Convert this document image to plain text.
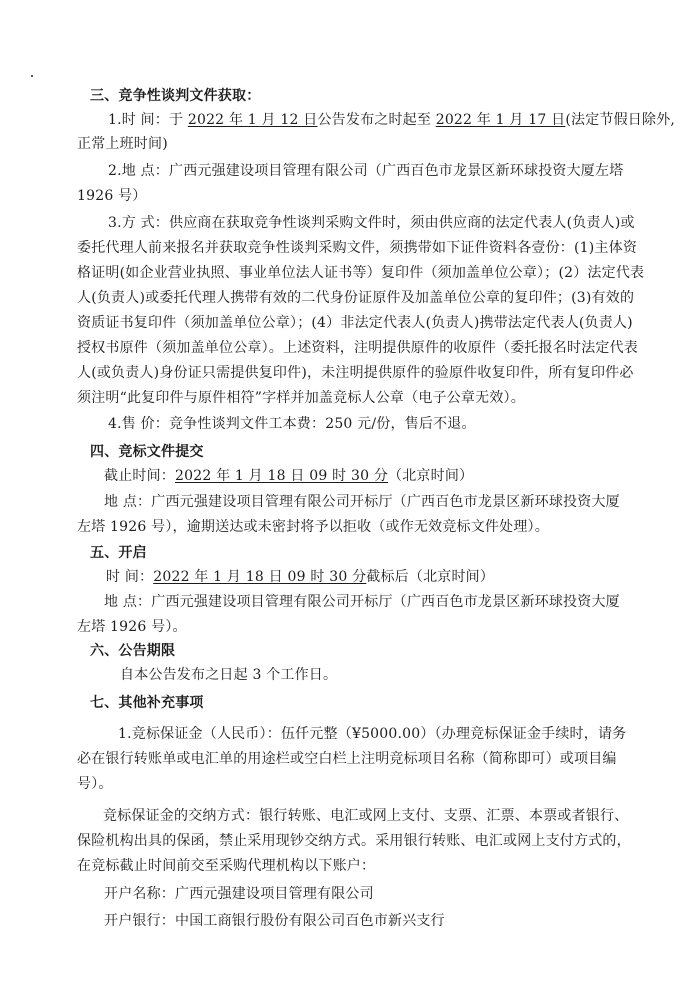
三、竞争性谈判文件获取：
1.时 间：于 2022 年 1 月 12 日公告发布之时起至 2022 年 1 月 17 日(法定节假日除外,
正常上班时间)
2.地 点：广西元强建设项目管理有限公司（广西百色市龙景区新环球投资大厦左塔
1926 号）
3.方 式：供应商在获取竞争性谈判采购文件时，须由供应商的法定代表人(负责人)或
委托代理人前来报名并获取竞争性谈判采购文件，须携带如下证件资料各壹份：(1)主体资
格证明(如企业营业执照、事业单位法人证书等）复印件（须加盖单位公章）；(2）法定代表
人(负责人)或委托代理人携带有效的二代身份证原件及加盖单位公章的复印件；(3)有效的
资质证书复印件（须加盖单位公章）；(4）非法定代表人(负责人)携带法定代表人(负责人)
授权书原件（须加盖单位公章）。上述资料，注明提供原件的收原件（委托报名时法定代表
人(或负责人)身份证只需提供复印件)，未注明提供原件的验原件收复印件，所有复印件必
须注明“此复印件与原件相符”字样并加盖竞标人公章（电子公章无效）。
4.售 价：竞争性谈判文件工本费：250 元/份，售后不退。
四、竞标文件提交
截止时间：2022 年 1 月 18 日 09 时 30 分（北京时间）
地 点：广西元强建设项目管理有限公司开标厅（广西百色市龙景区新环球投资大厦
左塔 1926 号），逾期送达或未密封将予以拒收（或作无效竞标文件处理）。
五、开启
时 间：2022 年 1 月 18 日 09 时 30 分截标后（北京时间）
地 点：广西元强建设项目管理有限公司开标厅（广西百色市龙景区新环球投资大厦
左塔 1926 号）。
六、公告期限
自本公告发布之日起 3 个工作日。
七、其他补充事项
1.竞标保证金（人民币）：伍仟元整（¥5000.00）（办理竞标保证金手续时，请务
必在银行转账单或电汇单的用途栏或空白栏上注明竞标项目名称（简称即可）或项目编
号）。
竞标保证金的交纳方式：银行转账、电汇或网上支付、支票、汇票、本票或者银行、
保险机构出具的保函，禁止采用现钞交纳方式。采用银行转账、电汇或网上支付方式的，
在竞标截止时间前交至采购代理机构以下账户：
开户名称：广西元强建设项目管理有限公司
开户银行：中国工商银行股份有限公司百色市新兴支行
